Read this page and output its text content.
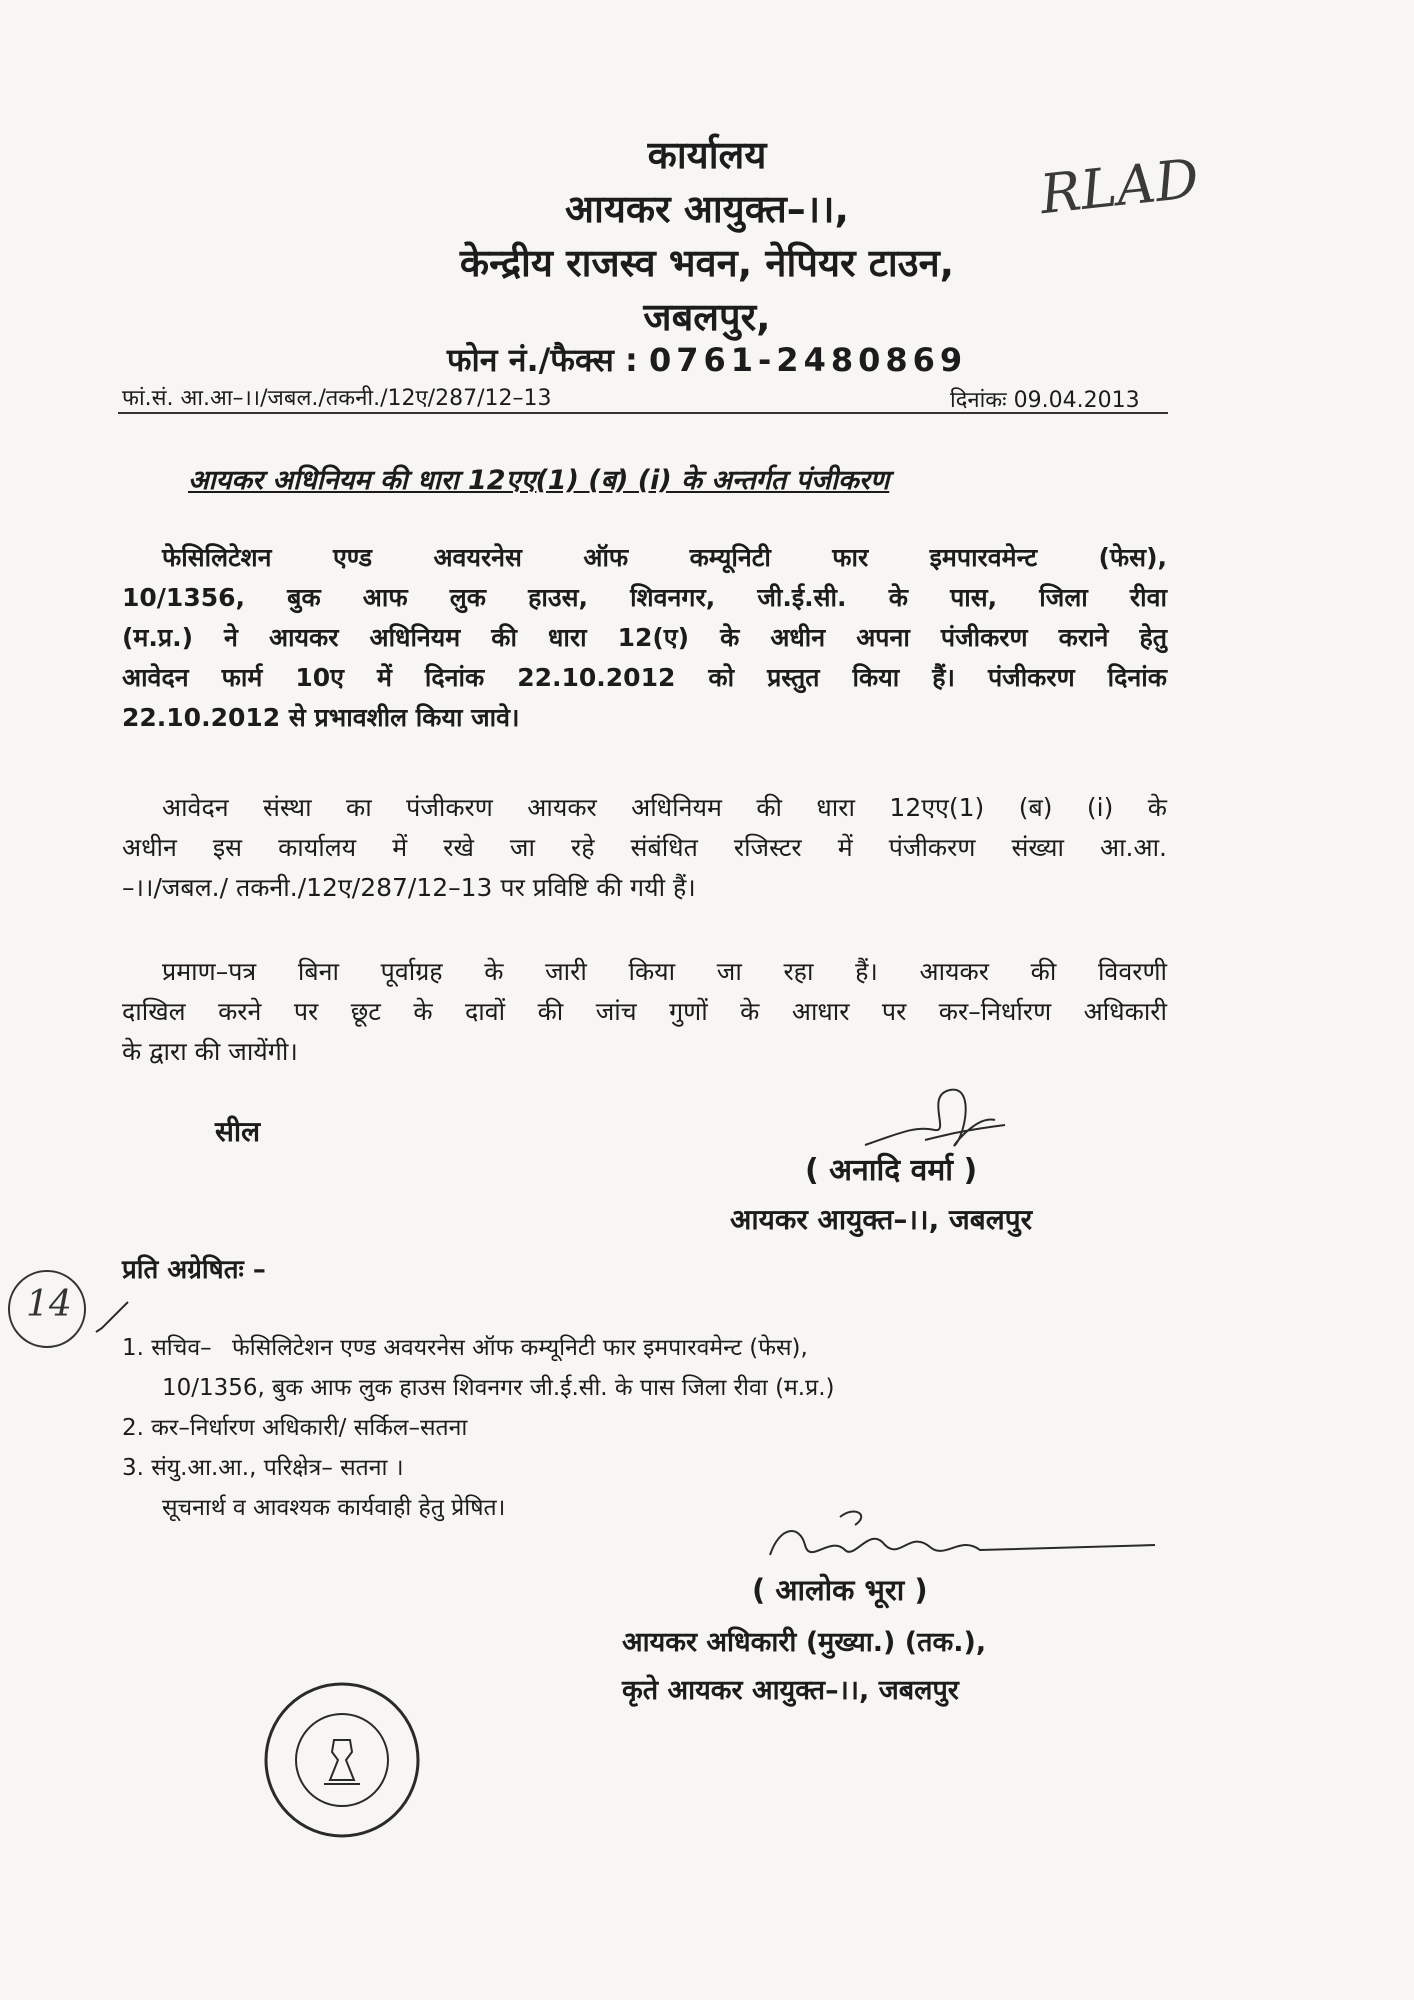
कार्यालय
आयकर आयुक्त–।।,
केन्द्रीय राजस्व भवन, नेपियर टाउन,
जबलपुर,
फोन नं./फैक्स : 0761-2480869
RLAD
फां.सं. आ.आ–।।/जबल./तकनी./12ए/287/12–13	दिनांकः 09.04.2013
आयकर अधिनियम की धारा 12एए(1) (ब) (i) के अन्तर्गत पंजीकरण
फेसिलिटेशन एण्ड अवयरनेस ऑफ कम्यूनिटी फार इमपारवमेन्ट (फेस),
10/1356, बुक आफ लुक हाउस, शिवनगर, जी.ई.सी. के पास, जिला रीवा
(म.प्र.) ने आयकर अधिनियम की धारा 12(ए) के अधीन अपना पंजीकरण कराने हेतु
आवेदन फार्म 10ए में दिनांक 22.10.2012 को प्रस्तुत किया हैं। पंजीकरण दिनांक
22.10.2012 से प्रभावशील किया जावे।
आवेदन संस्था का पंजीकरण आयकर अधिनियम की धारा 12एए(1) (ब) (i) के
अधीन इस कार्यालय में रखे जा रहे संबंधित रजिस्टर में पंजीकरण संख्या आ.आ.
–।।/जबल./ तकनी./12ए/287/12–13 पर प्रविष्टि की गयी हैं।
प्रमाण–पत्र बिना पूर्वाग्रह के जारी किया जा रहा हैं। आयकर की विवरणी
दाखिल करने पर छूट के दावों की जांच गुणों के आधार पर कर–निर्धारण अधिकारी
के द्वारा की जायेंगी।
सील
( अनादि वर्मा )
आयकर आयुक्त–।।, जबलपुर
प्रति अग्रेषितः –
14
1. सचिव– फेसिलिटेशन एण्ड अवयरनेस ऑफ कम्यूनिटी फार इमपारवमेन्ट (फेस),
10/1356, बुक आफ लुक हाउस शिवनगर जी.ई.सी. के पास जिला रीवा (म.प्र.)
2. कर–निर्धारण अधिकारी/ सर्किल–सतना
3. संयु.आ.आ., परिक्षेत्र– सतना ।
सूचनार्थ व आवश्यक कार्यवाही हेतु प्रेषित।
( आलोक भूरा )
आयकर अधिकारी (मुख्या.) (तक.),
कृते आयकर आयुक्त–।।, जबलपुर
